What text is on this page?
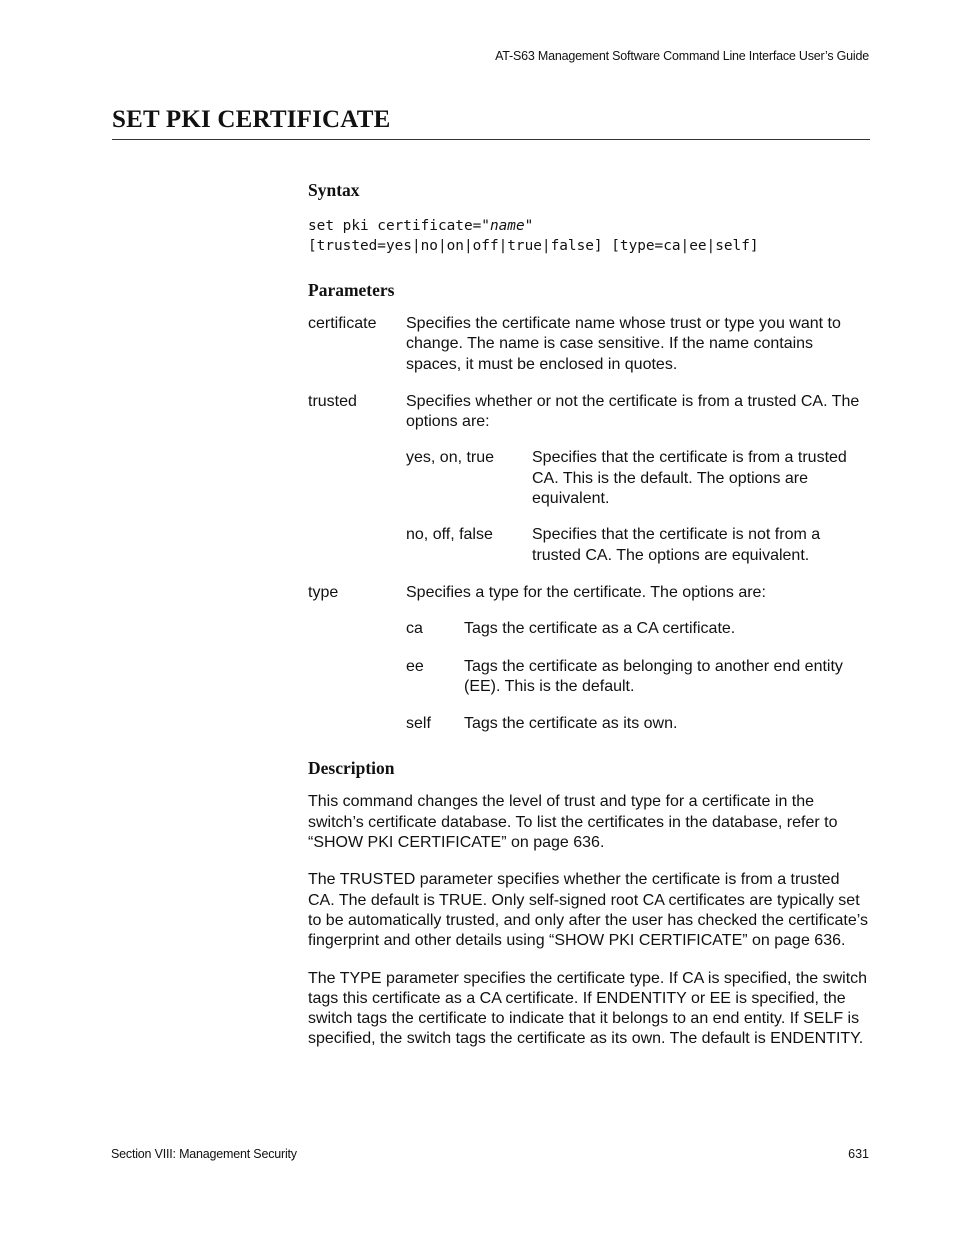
AT-S63 Management Software Command Line Interface User’s Guide
SET PKI CERTIFICATE
Syntax
set pki certificate="name"
[trusted=yes|no|on|off|true|false] [type=ca|ee|self]
Parameters
certificate	Specifies the certificate name whose trust or type you want to change. The name is case sensitive. If the name contains spaces, it must be enclosed in quotes.
trusted	Specifies whether or not the certificate is from a trusted CA. The options are:
yes, on, true	Specifies that the certificate is from a trusted CA. This is the default. The options are equivalent.
no, off, false	Specifies that the certificate is not from a trusted CA. The options are equivalent.
type	Specifies a type for the certificate. The options are:
ca	Tags the certificate as a CA certificate.
ee	Tags the certificate as belonging to another end entity (EE). This is the default.
self	Tags the certificate as its own.
Description

This command changes the level of trust and type for a certificate in the switch’s certificate database. To list the certificates in the database, refer to “SHOW PKI CERTIFICATE” on page 636.

The TRUSTED parameter specifies whether the certificate is from a trusted CA. The default is TRUE. Only self-signed root CA certificates are typically set to be automatically trusted, and only after the user has checked the certificate’s fingerprint and other details using “SHOW PKI CERTIFICATE” on page 636.

The TYPE parameter specifies the certificate type. If CA is specified, the switch tags this certificate as a CA certificate. If ENDENTITY or EE is specified, the switch tags the certificate to indicate that it belongs to an end entity. If SELF is specified, the switch tags the certificate as its own. The default is ENDENTITY.

Section VIII: Management Security	631
